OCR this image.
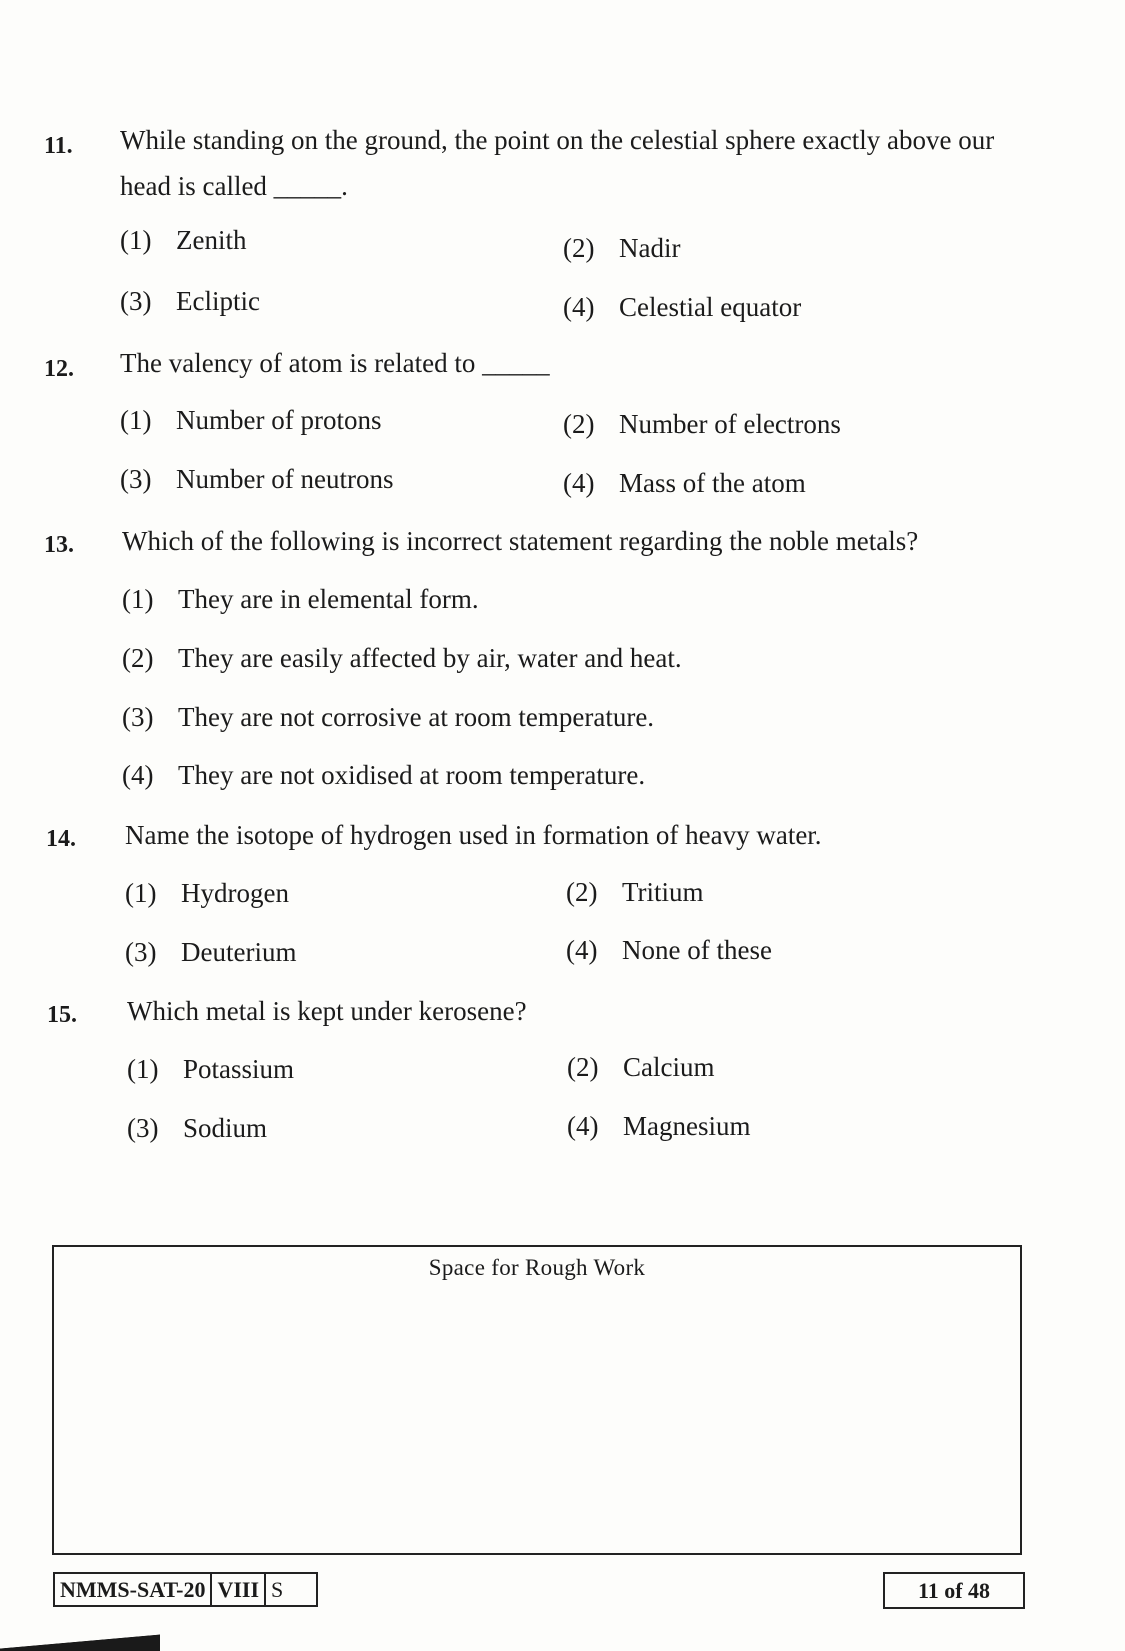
11. While standing on the ground, the point on the celestial sphere exactly above our head is called _____.
(1) Zenith	(2) Nadir
(3) Ecliptic	(4) Celestial equator
12. The valency of atom is related to _____
(1) Number of protons	(2) Number of electrons
(3) Number of neutrons	(4) Mass of the atom
13. Which of the following is incorrect statement regarding the noble metals?
(1) They are in elemental form.
(2) They are easily affected by air, water and heat.
(3) They are not corrosive at room temperature.
(4) They are not oxidised at room temperature.
14. Name the isotope of hydrogen used in formation of heavy water.
(1) Hydrogen	(2) Tritium
(3) Deuterium	(4) None of these
15. Which metal is kept under kerosene?
(1) Potassium	(2) Calcium
(3) Sodium	(4) Magnesium
Space for Rough Work
NMMS-SAT-20 VIII S	11 of 48
